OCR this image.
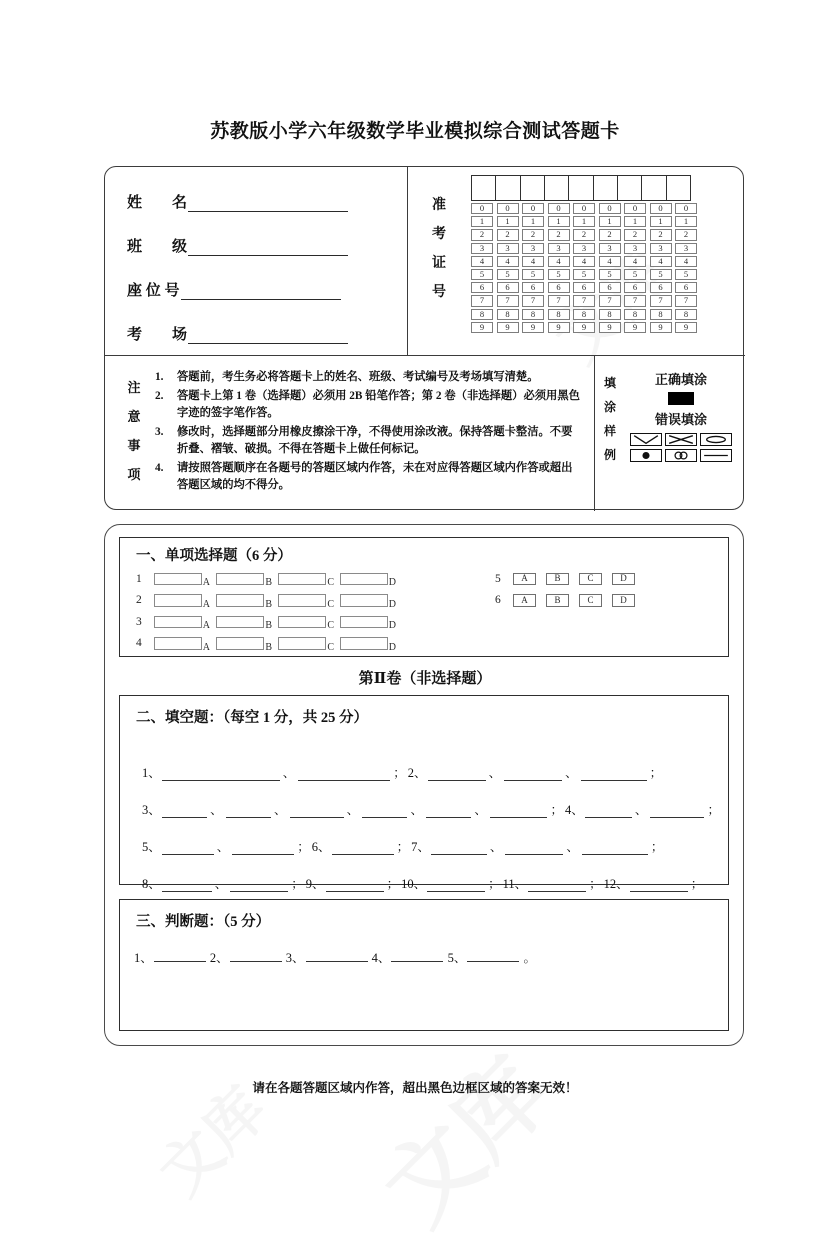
苏教版小学六年级数学毕业模拟综合测试答题卡
姓　　名
班　　级
座 位 号
考　　场
准
考
证
号
0	0	0	0	0	0	0	0	0
1	1	1	1	1	1	1	1	1
2	2	2	2	2	2	2	2	2
3	3	3	3	3	3	3	3	3
4	4	4	4	4	4	4	4	4
5	5	5	5	5	5	5	5	5
6	6	6	6	6	6	6	6	6
7	7	7	7	7	7	7	7	7
8	8	8	8	8	8	8	8	8
9	9	9	9	9	9	9	9	9
注
意
事
项
1. 答题前，考生务必将答题卡上的姓名、班级、考试编号及考场填写清楚。
2. 答题卡上第 1 卷（选择题）必须用 2B 铅笔作答；第 2 卷（非选择题）必须用黑色字迹的签字笔作答。
3. 修改时，选择题部分用橡皮擦涂干净，不得使用涂改液。保持答题卡整洁。不要折叠、褶皱、破损。不得在答题卡上做任何标记。
4. 请按照答题顺序在各题号的答题区域内作答，未在对应得答题区域内作答或超出答题区域的均不得分。
填
涂
样
例
正确填涂
错误填涂
一、单项选择题（6 分）
1	A	B	C	D
2	A	B	C	D
3	A	B	C	D
4	A	B	C	D
5	A	B	C	D
6	A	B	C	D
第Ⅱ卷（非选择题）
二、填空题：（每空 1 分，共 25 分）
1、	、	； 2、	、	、	；
3、	、	、	、	、	、	； 4、	、	；
5、	、	； 6、	； 7、	、	、	；
8、	、	； 9、	； 10、	； 11、	； 12、	；
三、判断题：（5 分）
1、	2、	3、	4、	5、	。
请在各题答题区域内作答，超出黑色边框区域的答案无效！
